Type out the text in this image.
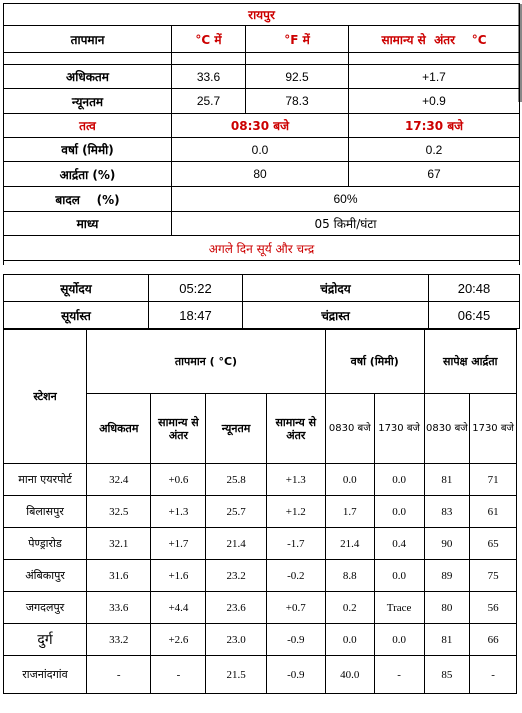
रायपुर			
तापमान	°C में	°F में	सामान्य से  अंतर    °C

अधिकतम	33.6	92.5	+1.7
न्यूनतम	25.7	78.3	+0.9
तत्व	08:30 बजे		17:30 बजे
वर्षा (मिमी)	0.0		0.2
आर्द्रता (%)	80		67
बादल    (%)	60%		
माध्य	05 किमी/घंटा		
अगले दिन सूर्य और चन्द्र			

सूर्योदय	05:22	चंद्रोदय	20:48
सूर्यास्त	18:47	चंद्रास्त	06:45
स्टेशन	तापमान ( °C)				वर्षा (मिमी)		सापेक्ष आर्द्रता	
	अधिकतम	सामान्य से अंतर	न्यूनतम	सामान्य से अंतर	0830 बजे	1730 बजे	0830 बजे	1730 बजे
माना एयरपोर्ट	32.4	+0.6	25.8	+1.3	0.0	0.0	81	71
बिलासपुर	32.5	+1.3	25.7	+1.2	1.7	0.0	83	61
पेण्ड्रारोड	32.1	+1.7	21.4	-1.7	21.4	0.4	90	65
अंबिकापुर	31.6	+1.6	23.2	-0.2	8.8	0.0	89	75
जगदलपुर	33.6	+4.4	23.6	+0.7	0.2	Trace	80	56
दुर्ग	33.2	+2.6	23.0	-0.9	0.0	0.0	81	66
राजनांदगांव	-	-	21.5	-0.9	40.0	-	85	-
